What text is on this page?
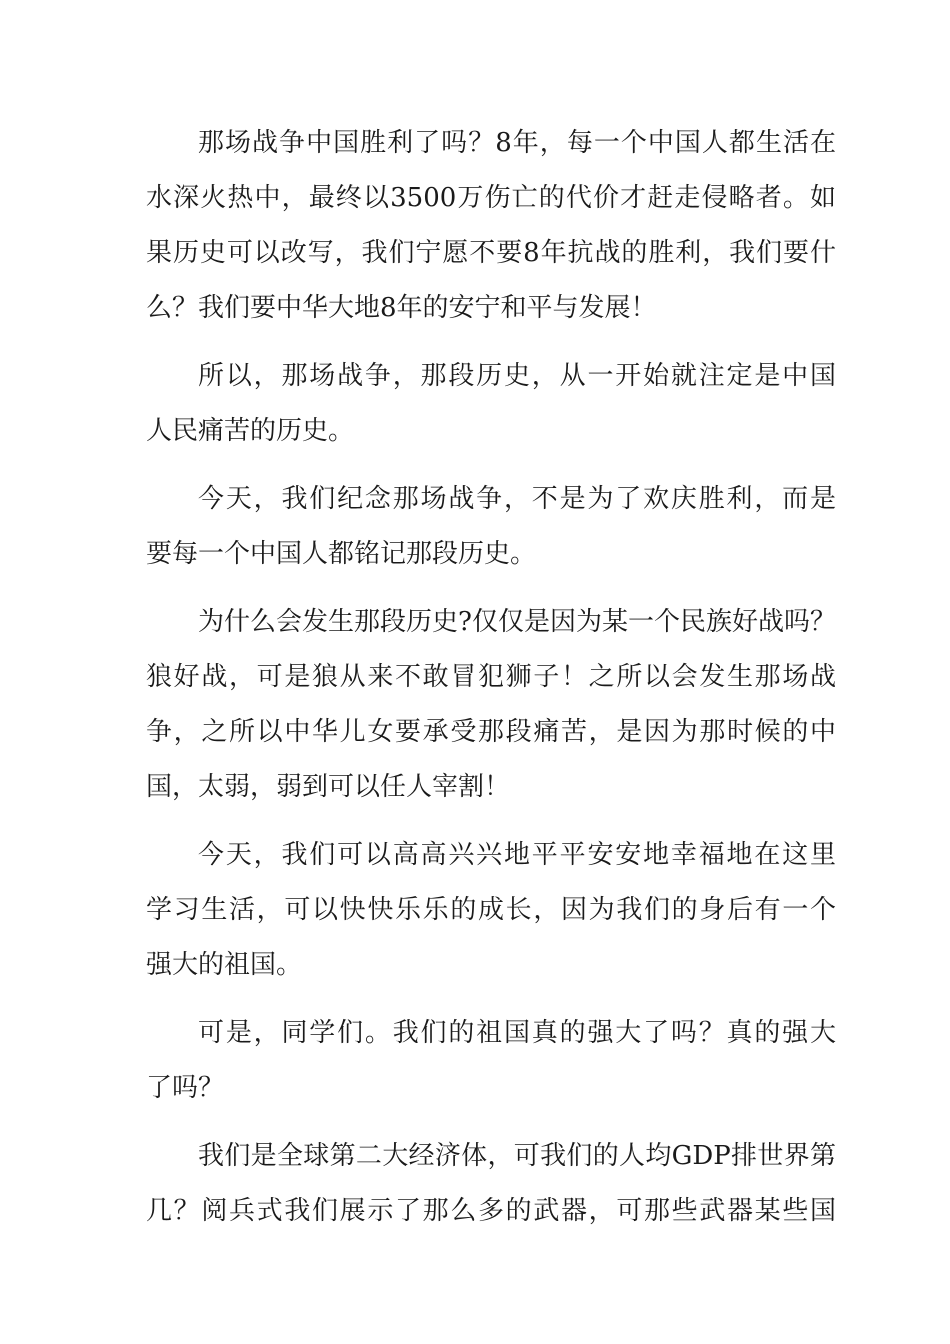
那场战争中国胜利了吗？8年，每一个中国人都生活在
水深火热中，最终以3500万伤亡的代价才赶走侵略者。如
果历史可以改写，我们宁愿不要8年抗战的胜利，我们要什
么？我们要中华大地8年的安宁和平与发展！
所以，那场战争，那段历史，从一开始就注定是中国
人民痛苦的历史。
今天，我们纪念那场战争，不是为了欢庆胜利，而是
要每一个中国人都铭记那段历史。
为什么会发生那段历史?仅仅是因为某一个民族好战吗？
狼好战，可是狼从来不敢冒犯狮子！之所以会发生那场战
争，之所以中华儿女要承受那段痛苦，是因为那时候的中
国，太弱，弱到可以任人宰割！
今天，我们可以高高兴兴地平平安安地幸福地在这里
学习生活，可以快快乐乐的成长，因为我们的身后有一个
强大的祖国。
可是，同学们。我们的祖国真的强大了吗？真的强大
了吗？
我们是全球第二大经济体，可我们的人均GDP排世界第
几？阅兵式我们展示了那么多的武器，可那些武器某些国
